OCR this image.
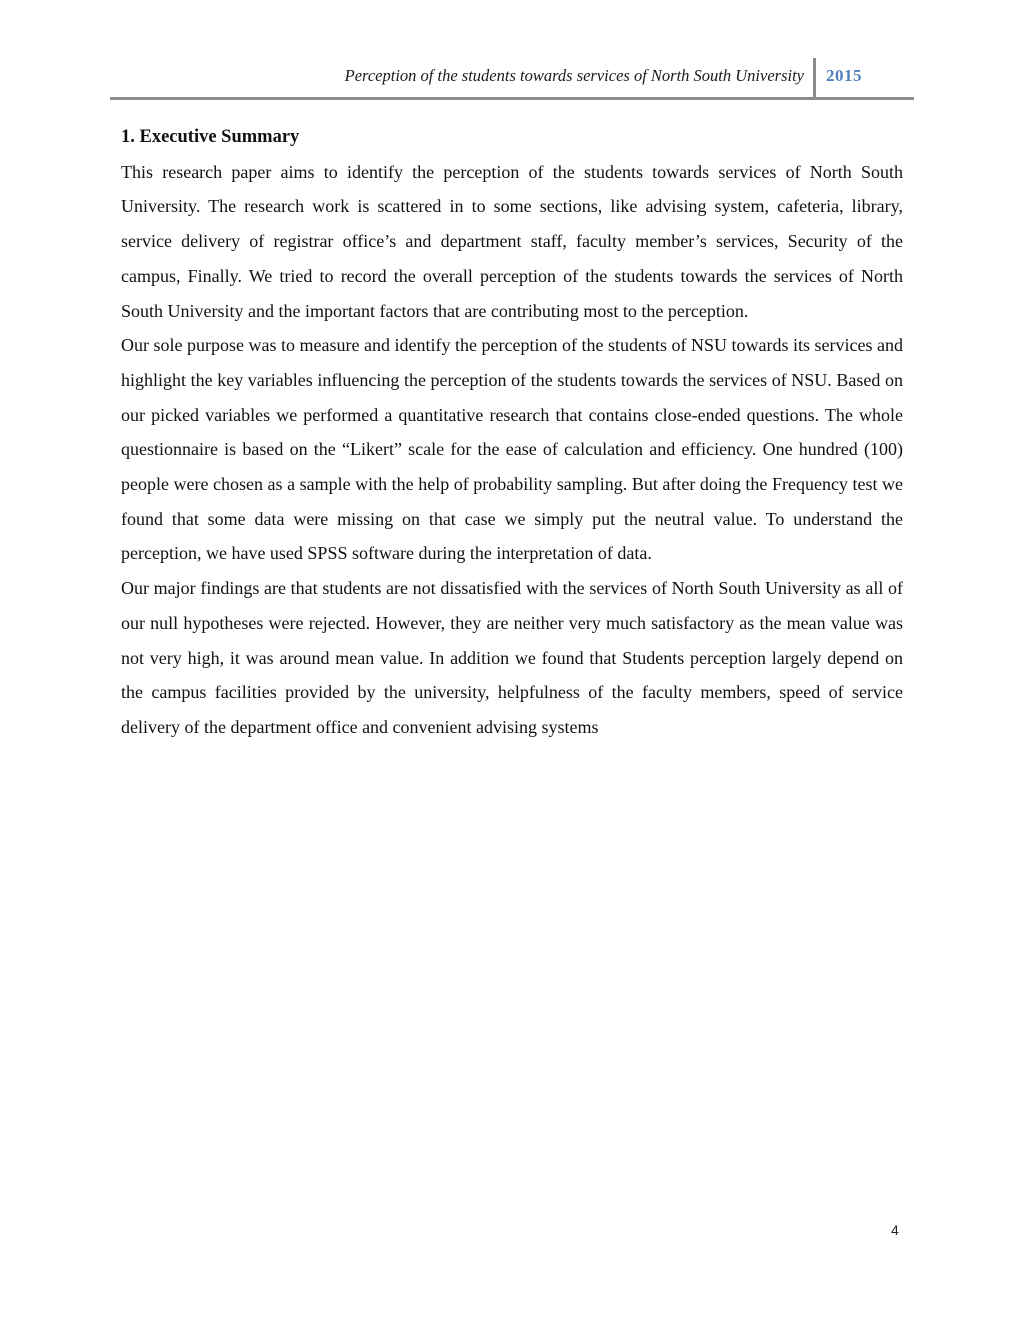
Perception of the students towards services of North South University 2015
1. Executive Summary

This research paper aims to identify the perception of the students towards services of North South University. The research work is scattered in to some sections, like advising system, cafeteria, library, service delivery of registrar office’s and department staff, faculty member’s services, Security of the campus, Finally. We tried to record the overall perception of the students towards the services of North South University and the important factors that are contributing most to the perception.

Our sole purpose was to measure and identify the perception of the students of NSU towards its services and highlight the key variables influencing the perception of the students towards the services of NSU. Based on our picked variables we performed a quantitative research that contains close-ended questions. The whole questionnaire is based on the “Likert” scale for the ease of calculation and efficiency. One hundred (100) people were chosen as a sample with the help of probability sampling. But after doing the Frequency test we found that some data were missing on that case we simply put the neutral value. To understand the perception, we have used SPSS software during the interpretation of data.

Our major findings are that students are not dissatisfied with the services of North South University as all of our null hypotheses were rejected. However, they are neither very much satisfactory as the mean value was not very high, it was around mean value. In addition we found that Students perception largely depend on the campus facilities provided by the university, helpfulness of the faculty members, speed of service delivery of the department office and convenient advising systems

4
